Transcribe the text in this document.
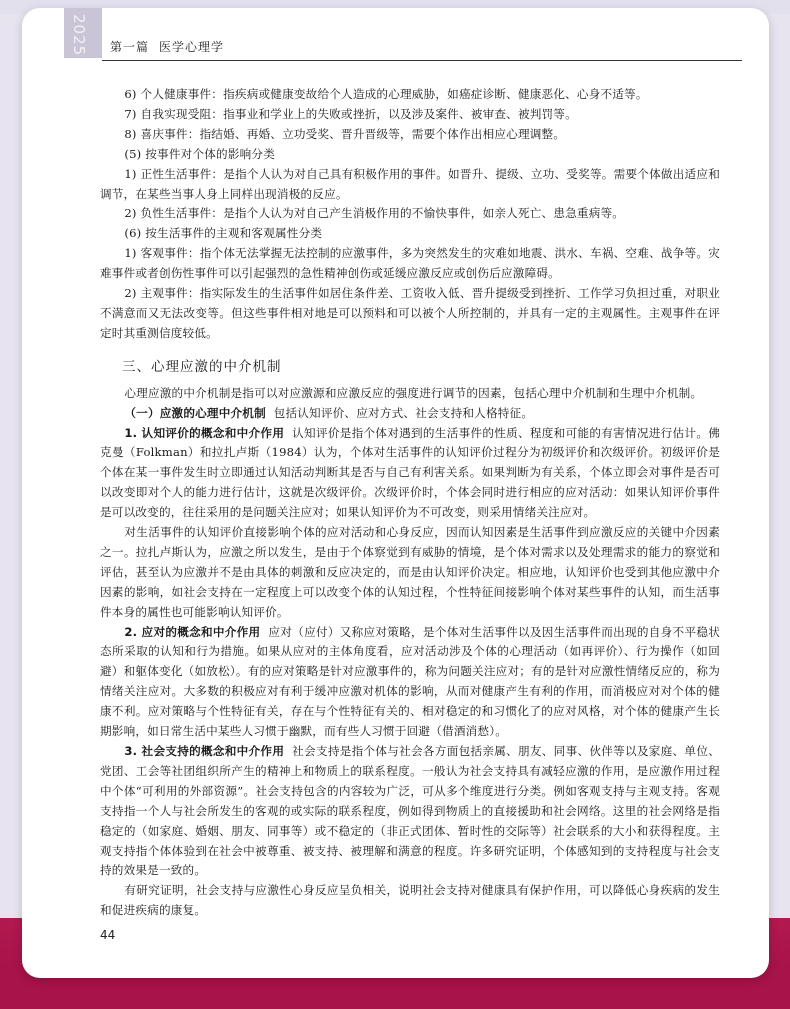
2025 第一篇 医学心理学

6) 个人健康事件：指疾病或健康变故给个人造成的心理威胁，如癌症诊断、健康恶化、心身不适等。

7) 自我实现受阻：指事业和学业上的失败或挫折，以及涉及案件、被审查、被判罚等。

8) 喜庆事件：指结婚、再婚、立功受奖、晋升晋级等，需要个体作出相应心理调整。

(5) 按事件对个体的影响分类

1) 正性生活事件：是指个人认为对自己具有积极作用的事件。如晋升、提级、立功、受奖等。需要个体做出适应和调节，在某些当事人身上同样出现消极的反应。

2) 负性生活事件：是指个人认为对自己产生消极作用的不愉快事件，如亲人死亡、患急重病等。

(6) 按生活事件的主观和客观属性分类

1) 客观事件：指个体无法掌握无法控制的应激事件，多为突然发生的灾难如地震、洪水、车祸、空难、战争等。灾难事件或者创伤性事件可以引起强烈的急性精神创伤或延缓应激反应或创伤后应激障碍。

2) 主观事件：指实际发生的生活事件如居住条件差、工资收入低、晋升提级受到挫折、工作学习负担过重，对职业不满意而又无法改变等。但这些事件相对地是可以预料和可以被个人所控制的，并具有一定的主观属性。主观事件在评定时其重测信度较低。

三、心理应激的中介机制

心理应激的中介机制是指可以对应激源和应激反应的强度进行调节的因素，包括心理中介机制和生理中介机制。

（一）应激的心理中介机制 包括认知评价、应对方式、社会支持和人格特征。

1. 认知评价的概念和中介作用 认知评价是指个体对遇到的生活事件的性质、程度和可能的有害情况进行估计。佛克曼（Folkman）和拉扎卢斯（1984）认为，个体对生活事件的认知评价过程分为初级评价和次级评价。初级评价是个体在某一事件发生时立即通过认知活动判断其是否与自己有利害关系。如果判断为有关系，个体立即会对事件是否可以改变即对个人的能力进行估计，这就是次级评价。次级评价时，个体会同时进行相应的应对活动：如果认知评价事件是可以改变的，往往采用的是问题关注应对；如果认知评价为不可改变，则采用情绪关注应对。

对生活事件的认知评价直接影响个体的应对活动和心身反应，因而认知因素是生活事件到应激反应的关键中介因素之一。拉扎卢斯认为，应激之所以发生，是由于个体察觉到有威胁的情境，是个体对需求以及处理需求的能力的察觉和评估，甚至认为应激并不是由具体的刺激和反应决定的，而是由认知评价决定。相应地，认知评价也受到其他应激中介因素的影响，如社会支持在一定程度上可以改变个体的认知过程，个性特征间接影响个体对某些事件的认知，而生活事件本身的属性也可能影响认知评价。

2. 应对的概念和中介作用 应对（应付）又称应对策略，是个体对生活事件以及因生活事件而出现的自身不平稳状态所采取的认知和行为措施。如果从应对的主体角度看，应对活动涉及个体的心理活动（如再评价）、行为操作（如回避）和躯体变化（如放松）。有的应对策略是针对应激事件的，称为问题关注应对；有的是针对应激性情绪反应的，称为情绪关注应对。大多数的积极应对有利于缓冲应激对机体的影响，从而对健康产生有利的作用，而消极应对对个体的健康不利。应对策略与个性特征有关，存在与个性特征有关的、相对稳定的和习惯化了的应对风格，对个体的健康产生长期影响，如日常生活中某些人习惯于幽默，而有些人习惯于回避（借酒消愁）。

3. 社会支持的概念和中介作用 社会支持是指个体与社会各方面包括亲属、朋友、同事、伙伴等以及家庭、单位、党团、工会等社团组织所产生的精神上和物质上的联系程度。一般认为社会支持具有减轻应激的作用，是应激作用过程中个体“可利用的外部资源”。社会支持包含的内容较为广泛，可从多个维度进行分类。例如客观支持与主观支持。客观支持指一个人与社会所发生的客观的或实际的联系程度，例如得到物质上的直接援助和社会网络。这里的社会网络是指稳定的（如家庭、婚姻、朋友、同事等）或不稳定的（非正式团体、暂时性的交际等）社会联系的大小和获得程度。主观支持指个体体验到在社会中被尊重、被支持、被理解和满意的程度。许多研究证明，个体感知到的支持程度与社会支持的效果是一致的。

有研究证明，社会支持与应激性心身反应呈负相关，说明社会支持对健康具有保护作用，可以降低心身疾病的发生和促进疾病的康复。

44
